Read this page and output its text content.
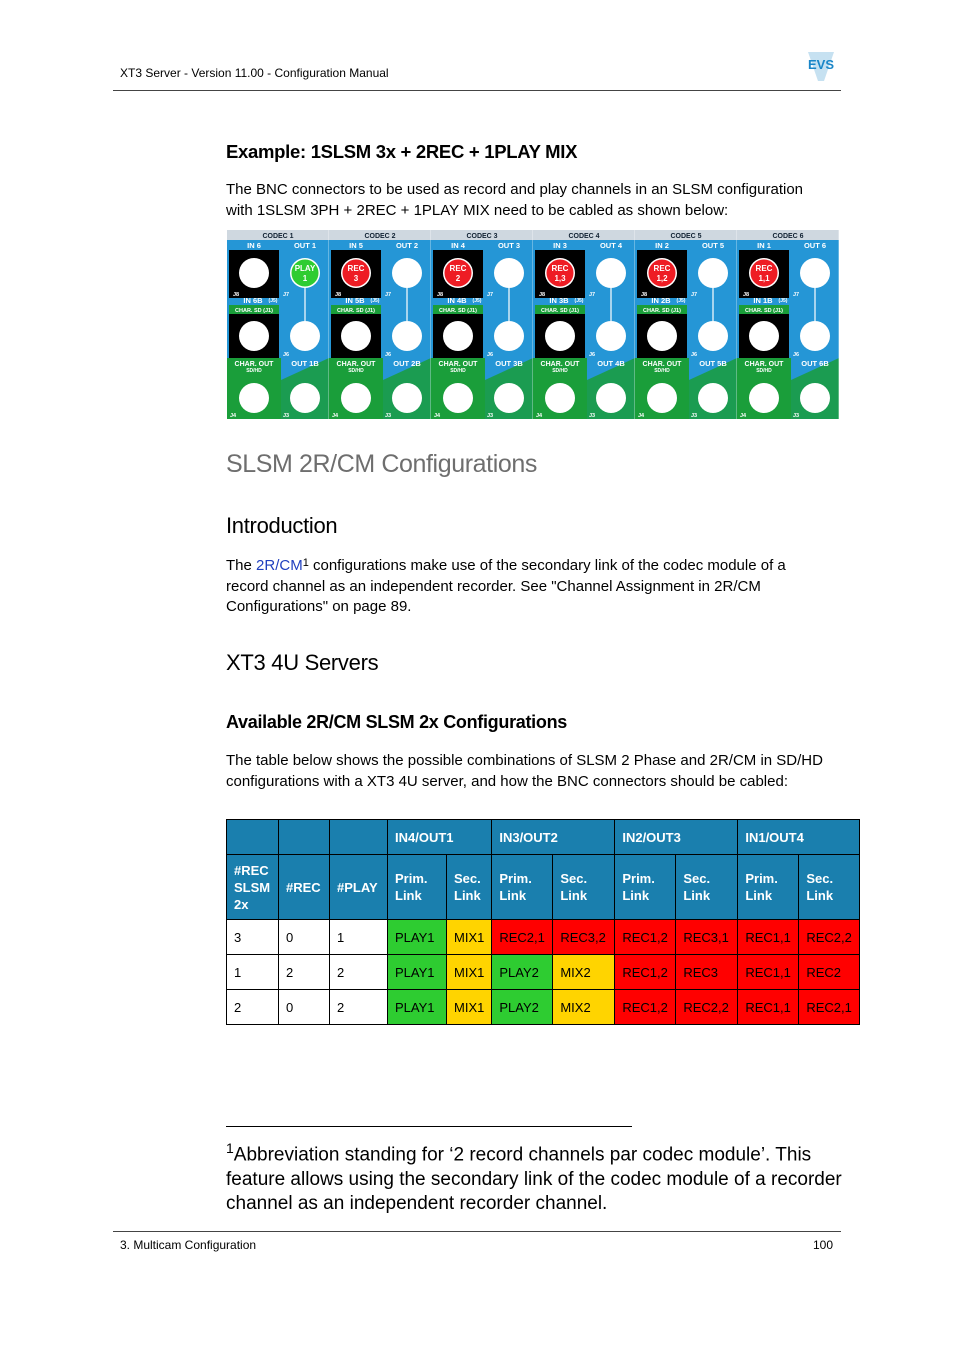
XT3 Server - Version 11.00 - Configuration Manual
EVS
Example: 1SLSM 3x + 2REC + 1PLAY MIX
The BNC connectors to be used as record and play channels in an SLSM configuration with 1SLSM 3PH + 2REC + 1PLAY MIX need to be cabled as shown below:
CODEC 1
IN 6	OUT 1
J8	J7
PLAY
1
IN 6B (J5)
CHAR. SD (J1)
J6
CHAR. OUT
SD/HD
OUT 1B
J4	J3
CODEC 2
IN 5	OUT 2
J8	J7
REC
3
IN 5B (J5)
CHAR. SD (J1)
J6
CHAR. OUT
SD/HD
OUT 2B
J4	J3
CODEC 3
IN 4	OUT 3
J8	J7
REC
2
IN 4B (J5)
CHAR. SD (J1)
J6
CHAR. OUT
SD/HD
OUT 3B
J4	J3
CODEC 4
IN 3	OUT 4
J8	J7
REC
1,3
IN 3B (J5)
CHAR. SD (J1)
J6
CHAR. OUT
SD/HD
OUT 4B
J4	J3
CODEC 5
IN 2	OUT 5
J8	J7
REC
1,2
IN 2B (J5)
CHAR. SD (J1)
J6
CHAR. OUT
SD/HD
OUT 5B
J4	J3
CODEC 6
IN 1	OUT 6
J8	J7
REC
1,1
IN 1B (J5)
CHAR. SD (J1)
J6
CHAR. OUT
SD/HD
OUT 6B
J4	J3
SLSM 2R/CM Configurations
Introduction
The $2R/CM^1$ configurations make use of the secondary link of the codec module of a record channel as an independent recorder. See "Channel Assignment in 2R/CM Configurations" on page 89.
XT3 4U Servers
Available 2R/CM SLSM 2x Configurations
The table below shows the possible combinations of SLSM 2 Phase and 2R/CM in SD/HD configurations with a XT3 4U server, and how the BNC connectors should be cabled:
			IN4/OUT1		IN3/OUT2		IN2/OUT3		IN1/OUT4	
#REC SLSM 2x	#REC	#PLAY	Prim. Link	Sec. Link	Prim. Link	Sec. Link	Prim. Link	Sec. Link	Prim. Link	Sec. Link
3	0	1	PLAY1	MIX1	REC2,1	REC3,2	REC1,2	REC3,1	REC1,1	REC2,2
1	2	2	PLAY1	MIX1	PLAY2	MIX2	REC1,2	REC3	REC1,1	REC2
2	0	2	PLAY1	MIX1	PLAY2	MIX2	REC1,2	REC2,2	REC1,1	REC2,1
$^1$Abbreviation standing for ‘2 record channels par codec module’. This feature allows using the secondary link of the codec module of a recorder channel as an independent recorder channel.
3. Multicam Configuration	100
